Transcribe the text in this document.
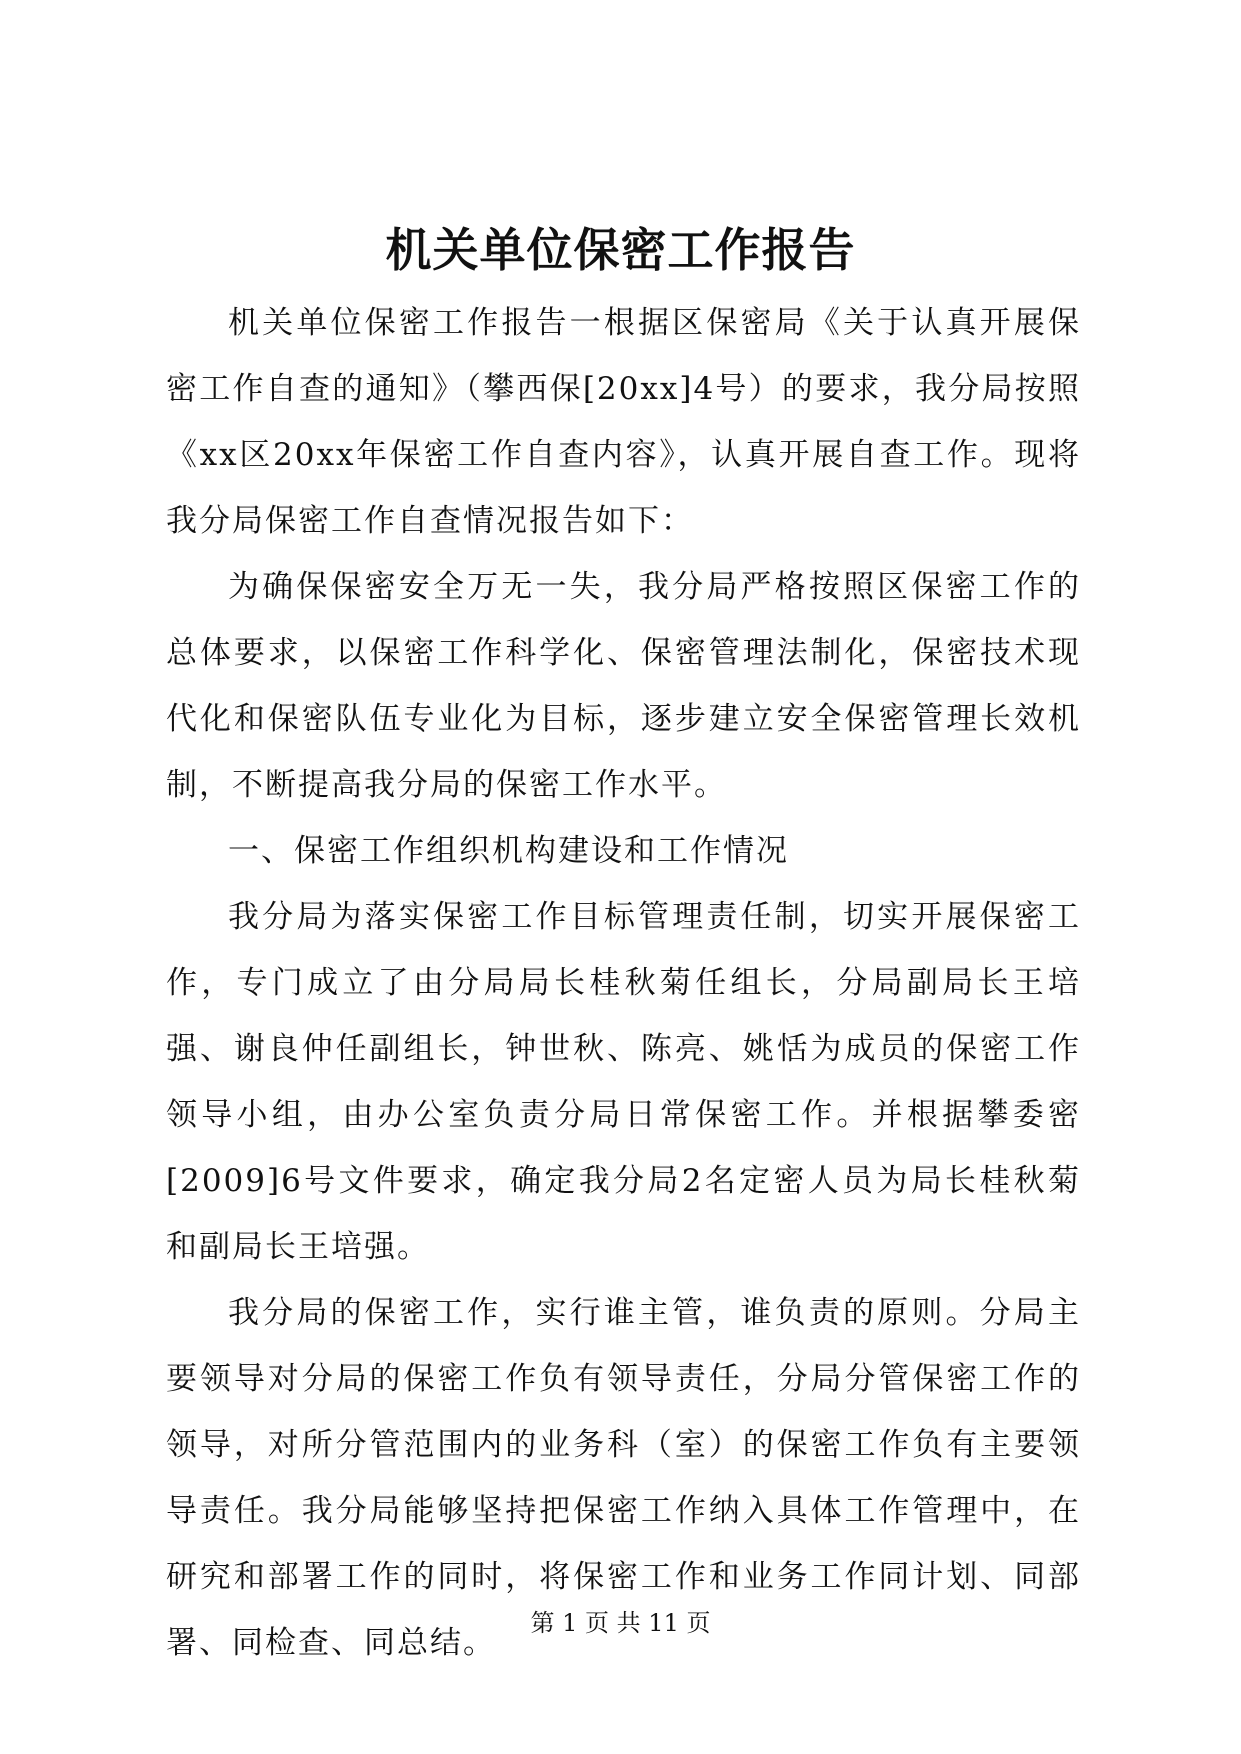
机关单位保密工作报告

机关单位保密工作报告一根据区保密局《关于认真开展保密工作自查的通知》（攀西保[20xx]4号）的要求，我分局按照《xx区20xx年保密工作自查内容》，认真开展自查工作。现将我分局保密工作自查情况报告如下：

为确保保密安全万无一失，我分局严格按照区保密工作的总体要求，以保密工作科学化、保密管理法制化，保密技术现代化和保密队伍专业化为目标，逐步建立安全保密管理长效机制，不断提高我分局的保密工作水平。

一、保密工作组织机构建设和工作情况

我分局为落实保密工作目标管理责任制，切实开展保密工作，专门成立了由分局局长桂秋菊任组长，分局副局长王培强、谢良仲任副组长，钟世秋、陈亮、姚恬为成员的保密工作领导小组，由办公室负责分局日常保密工作。并根据攀委密[2009]6号文件要求，确定我分局2名定密人员为局长桂秋菊和副局长王培强。

我分局的保密工作，实行谁主管，谁负责的原则。分局主要领导对分局的保密工作负有领导责任，分局分管保密工作的领导，对所分管范围内的业务科（室）的保密工作负有主要领导责任。我分局能够坚持把保密工作纳入具体工作管理中，在研究和部署工作的同时，将保密工作和业务工作同计划、同部署、同检查、同总结。

第 1 页 共 11 页
